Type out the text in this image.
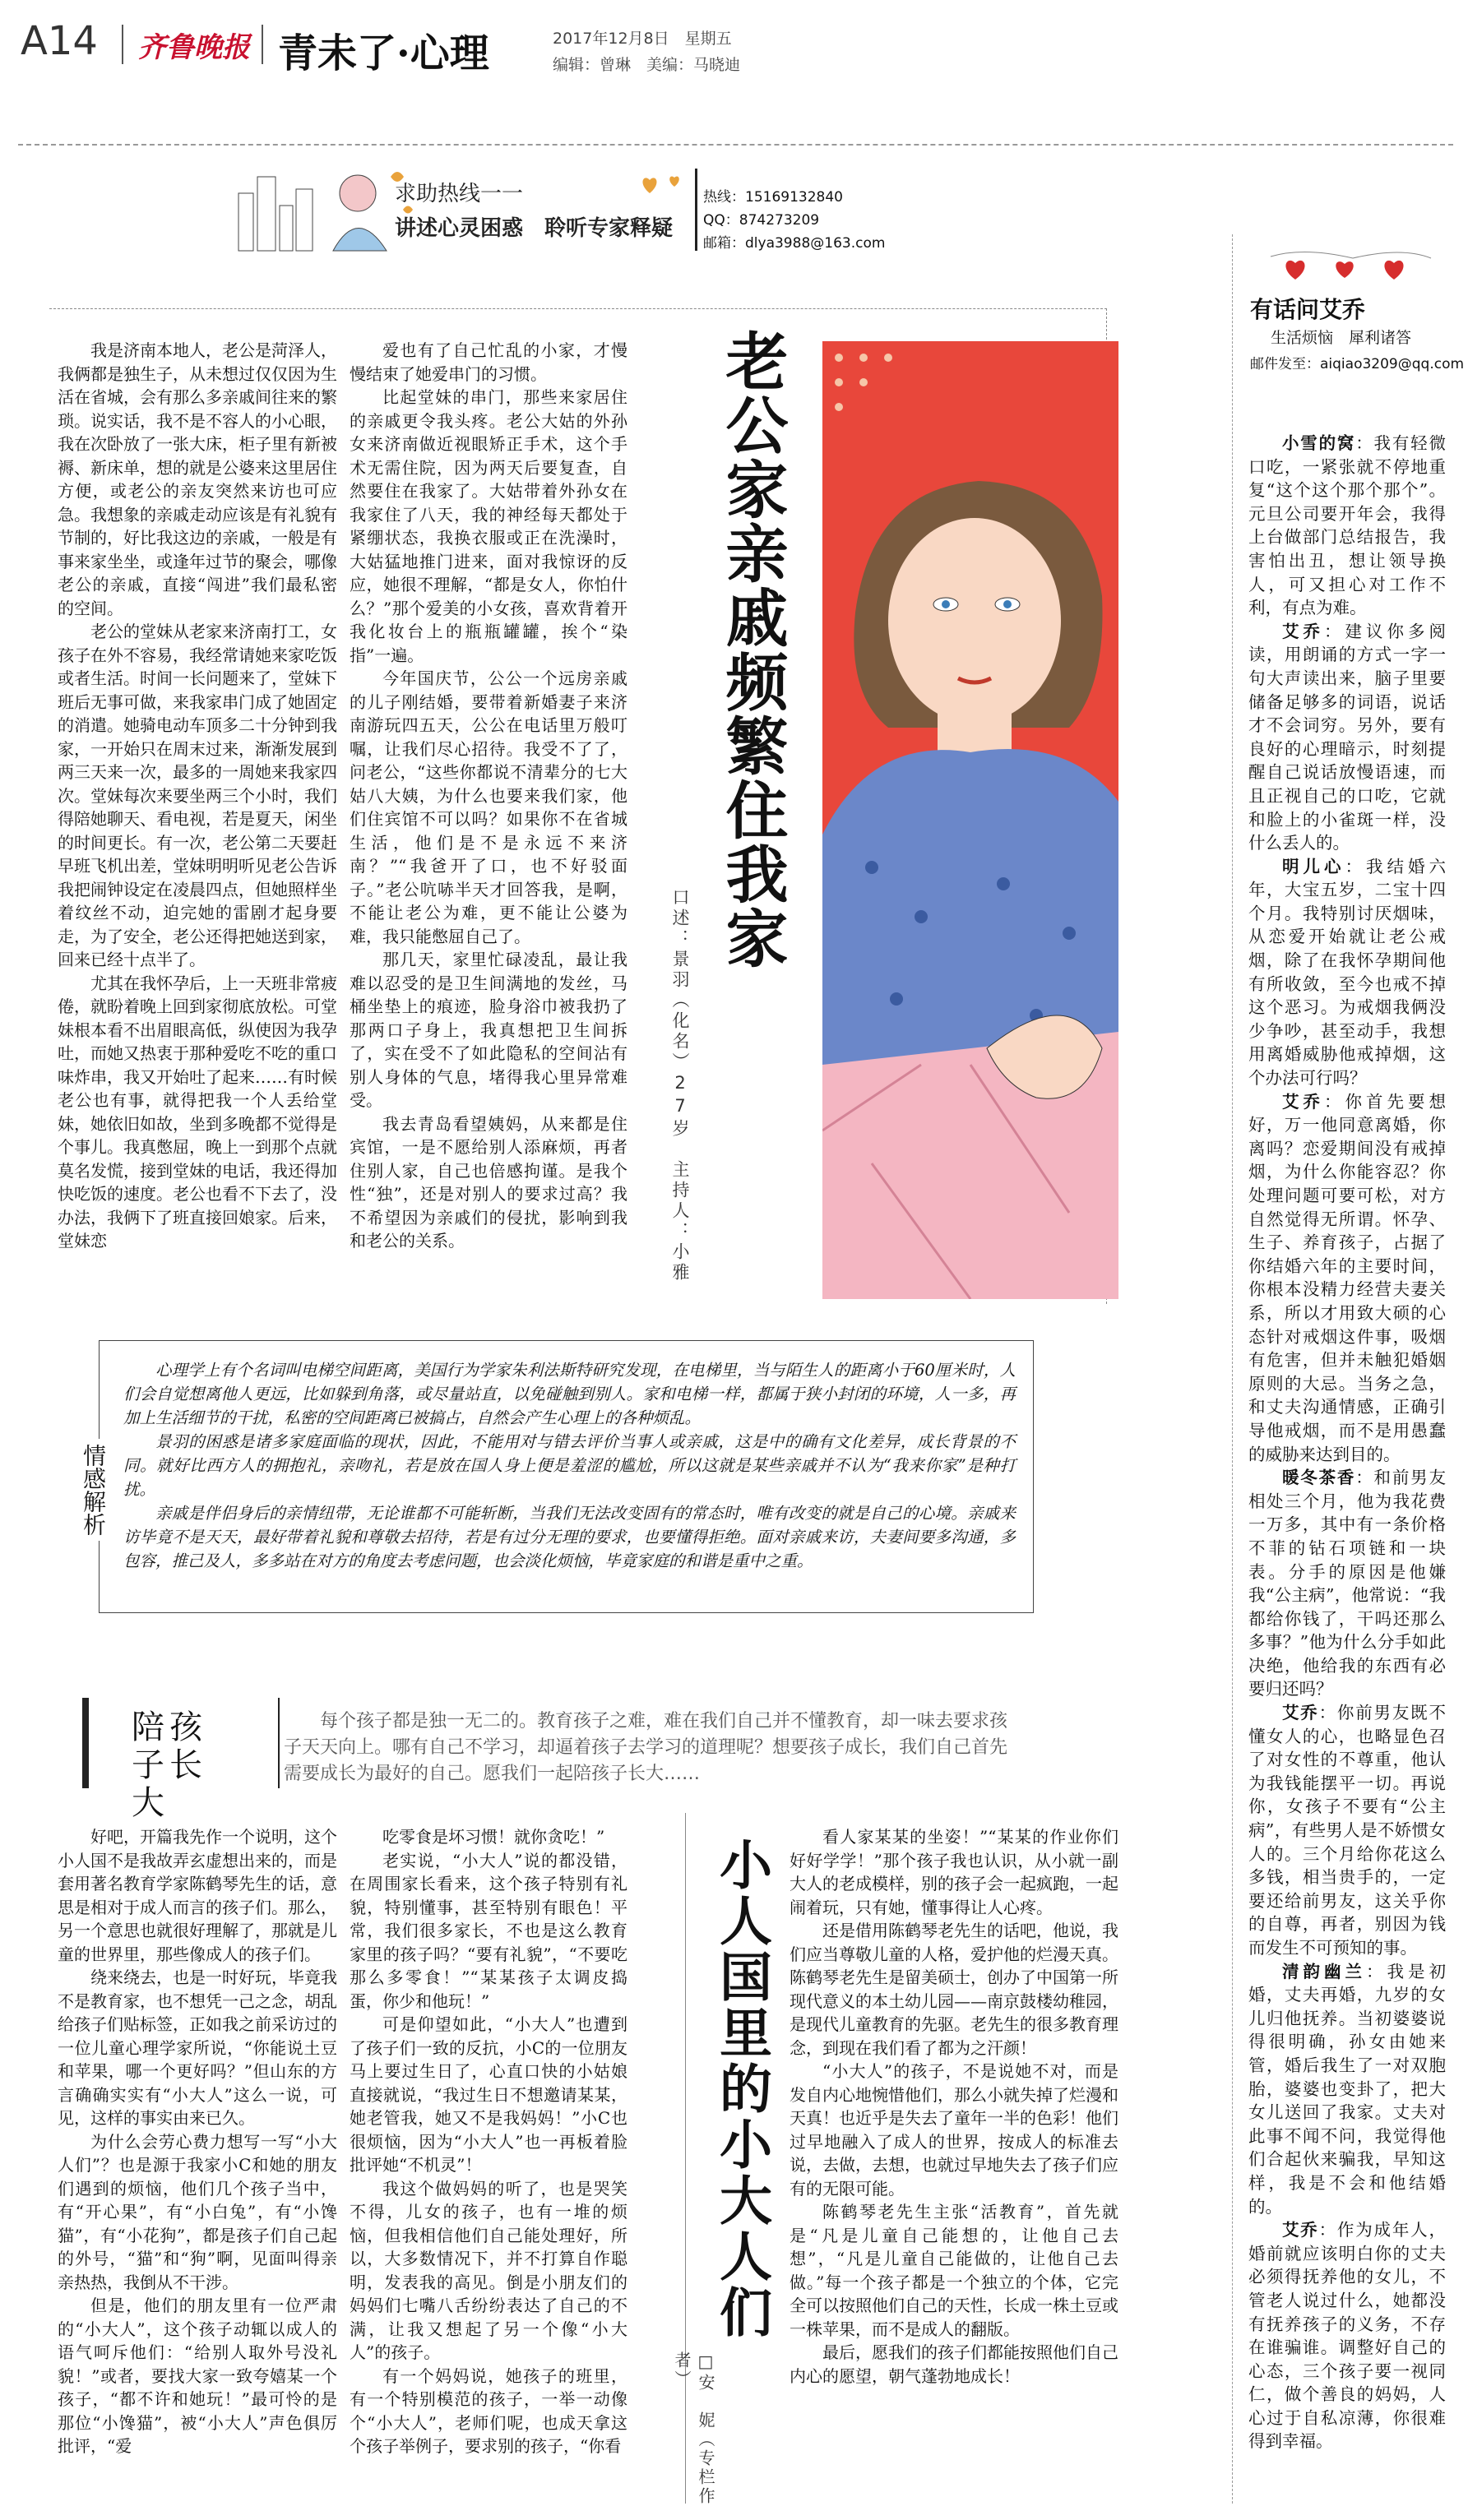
A14 齐鲁晚报 青未了·心理	2017年12月8日　 星期五
编辑：曾琳　美编：马晓迪
求助热线一一
讲述心灵困惑　聆听专家释疑
热线：15169132840
QQ：874273209
邮箱：dlya3988@163.com

我是济南本地人，老公是菏泽人，我俩都是独生子，从未想过仅仅因为生活在省城，会有那么多亲戚间往来的繁琐。说实话，我不是不容人的小心眼，我在次卧放了一张大床，柜子里有新被褥、新床单，想的就是公婆来这里居住方便，或老公的亲友突然来访也可应急。我想象的亲戚走动应该是有礼貌有节制的，好比我这边的亲戚，一般是有事来家坐坐，或逢年过节的聚会，哪像老公的亲戚，直接“闯进”我们最私密的空间。

老公的堂妹从老家来济南打工，女孩子在外不容易，我经常请她来家吃饭或者生活。时间一长问题来了，堂妹下班后无事可做，来我家串门成了她固定的消遣。她骑电动车顶多二十分钟到我家，一开始只在周末过来，渐渐发展到两三天来一次，最多的一周她来我家四次。堂妹每次来要坐两三个小时，我们得陪她聊天、看电视，若是夏天，闲坐的时间更长。有一次，老公第二天要赶早班飞机出差，堂妹明明听见老公告诉我把闹钟设定在凌晨四点，但她照样坐着纹丝不动，迫完她的雷剧才起身要走，为了安全，老公还得把她送到家，回来已经十点半了。

尤其在我怀孕后，上一天班非常疲倦，就盼着晚上回到家彻底放松。可堂妹根本看不出眉眼高低，纵使因为我孕吐，而她又热衷于那种爱吃不吃的重口味炸串，我又开始吐了起来……有时候老公也有事，就得把我一个人丢给堂妹，她依旧如故，坐到多晚都不觉得是个事儿。我真憋屈，晚上一到那个点就莫名发慌，接到堂妹的电话，我还得加快吃饭的速度。老公也看不下去了，没办法，我俩下了班直接回娘家。后来，堂妹恋

爱也有了自己忙乱的小家，才慢慢结束了她爱串门的习惯。

比起堂妹的串门，那些来家居住的亲戚更令我头疼。老公大姑的外孙女来济南做近视眼矫正手术，这个手术无需住院，因为两天后要复查，自然要住在我家了。大姑带着外孙女在我家住了八天，我的神经每天都处于紧绷状态，我换衣服或正在洗澡时，大姑猛地推门进来，面对我惊讶的反应，她很不理解，“都是女人，你怕什么？”那个爱美的小女孩，喜欢背着开我化妆台上的瓶瓶罐罐，挨个“染指”一遍。

今年国庆节，公公一个远房亲戚的儿子刚结婚，要带着新婚妻子来济南游玩四五天，公公在电话里万般叮嘱，让我们尽心招待。我受不了了，问老公，“这些你都说不清辈分的七大姑八大姨，为什么也要来我们家，他们住宾馆不可以吗？如果你不在省城生活，他们是不是永远不来济南？”“我爸开了口，也不好驳面子。”老公吭哧半天才回答我，是啊，不能让老公为难，更不能让公婆为难，我只能憋屈自己了。

那几天，家里忙碌凌乱，最让我难以忍受的是卫生间满地的发丝，马桶坐垫上的痕迹，脸身浴巾被我扔了那两口子身上，我真想把卫生间拆了，实在受不了如此隐私的空间沾有别人身体的气息，堵得我心里异常难受。

我去青岛看望姨妈，从来都是住宾馆，一是不愿给别人添麻烦，再者住别人家，自己也倍感拘谨。是我个性“独”，还是对别人的要求过高？我不希望因为亲戚们的侵扰，影响到我和老公的关系。

老公家亲戚频繁住我家
口述：景羽（化名）27岁　主持人：小雅
情感解析

心理学上有个名词叫电梯空间距离，美国行为学家朱利法斯特研究发现，在电梯里，当与陌生人的距离小于60厘米时，人们会自觉想离他人更远，比如躲到角落，或尽量站直，以免碰触到别人。家和电梯一样，都属于狭小封闭的环境，人一多，再加上生活细节的干扰，私密的空间距离已被搞占，自然会产生心理上的各种烦乱。

景羽的困惑是诸多家庭面临的现状，因此，不能用对与错去评价当事人或亲戚，这是中的确有文化差异，成长背景的不同。就好比西方人的拥抱礼，亲吻礼，若是放在国人身上便是羞涩的尴尬，所以这就是某些亲戚并不认为“我来你家”是种打扰。

亲戚是伴侣身后的亲情纽带，无论谁都不可能斩断，当我们无法改变固有的常态时，唯有改变的就是自己的心境。亲戚来访毕竟不是天天，最好带着礼貌和尊敬去招待，若是有过分无理的要求，也要懂得拒绝。面对亲戚来访，夫妻间要多沟通，多包容，推己及人，多多站在对方的角度去考虑问题，也会淡化烦恼，毕竟家庭的和谐是重中之重。

陪孩子长大
每个孩子都是独一无二的。教育孩子之难，难在我们自己并不懂教育，却一味去要求孩子天天向上。哪有自己不学习，却逼着孩子去学习的道理呢？想要孩子成长，我们自己首先需要成长为最好的自己。愿我们一起陪孩子长大……

好吧，开篇我先作一个说明，这个小人国不是我故弄玄虚想出来的，而是套用著名教育学家陈鹤琴先生的话，意思是相对于成人而言的孩子们。那么，另一个意思也就很好理解了，那就是儿童的世界里，那些像成人的孩子们。

绕来绕去，也是一时好玩，毕竟我不是教育家，也不想凭一己之念，胡乱给孩子们贴标签，正如我之前采访过的一位儿童心理学家所说，“你能说土豆和苹果，哪一个更好吗？”但山东的方言确确实实有“小大人”这么一说，可见，这样的事实由来已久。

为什么会劳心费力想写一写“小大人们”？也是源于我家小C和她的朋友们遇到的烦恼，他们几个孩子当中，有“开心果”，有“小白兔”，有“小馋猫”，有“小花狗”，都是孩子们自己起的外号，“猫”和“狗”啊，见面叫得亲亲热热，我倒从不干涉。

但是，他们的朋友里有一位严肃的“小大人”，这个孩子动辄以成人的语气呵斥他们：“给别人取外号没礼貌！”或者，要找大家一致夸嬉某一个孩子，“都不许和她玩！”最可怜的是那位“小馋猫”，被“小大人”声色俱厉批评，“爱

吃零食是坏习惯！就你贪吃！”

老实说，“小大人”说的都没错，在周围家长看来，这个孩子特别有礼貌，特别懂事，甚至特别有眼色！平常，我们很多家长，不也是这么教育家里的孩子吗？“要有礼貌”，“不要吃那么多零食！”“某某孩子太调皮捣蛋，你少和他玩！”

可是仰望如此，“小大人”也遭到了孩子们一致的反抗，小C的一位朋友马上要过生日了，心直口快的小姑娘直接就说，“我过生日不想邀请某某，她老管我，她又不是我妈妈！”小C也很烦恼，因为“小大人”也一再板着脸批评她“不机灵”！

我这个做妈妈的听了，也是哭笑不得，儿女的孩子，也有一堆的烦恼，但我相信他们自己能处理好，所以，大多数情况下，并不打算自作聪明，发表我的高见。倒是小朋友们的妈妈们七嘴八舌纷纷表达了自己的不满，让我又想起了另一个像“小大人”的孩子。

有一个妈妈说，她孩子的班里，有一个特别模范的孩子，一举一动像个“小大人”，老师们呢，也成天拿这个孩子举例子，要求别的孩子，“你看

小人国里的小大人们
□安　妮（专栏作者）

看人家某某的坐姿！”“某某的作业你们好好学学！”那个孩子我也认识，从小就一副大人的老成模样，别的孩子会一起疯跑，一起闹着玩，只有她，懂事得让人心疼。

还是借用陈鹤琴老先生的话吧，他说，我们应当尊敬儿童的人格，爱护他的烂漫天真。陈鹤琴老先生是留美硕士，创办了中国第一所现代意义的本土幼儿园——南京鼓楼幼稚园，是现代儿童教育的先驱。老先生的很多教育理念，到现在我们看了都为之汗颜！

“小大人”的孩子，不是说她不对，而是发自内心地惋惜他们，那么小就失掉了烂漫和天真！也近乎是失去了童年一半的色彩！他们过早地融入了成人的世界，按成人的标准去说，去做，去想，也就过早地失去了孩子们应有的无限可能。

陈鹤琴老先生主张“活教育”，首先就是“凡是儿童自己能想的，让他自己去想”，“凡是儿童自己能做的，让他自己去做。”每一个孩子都是一个独立的个体，它完全可以按照他们自己的天性，长成一株土豆或一株苹果，而不是成人的翻版。

最后，愿我们的孩子们都能按照他们自己内心的愿望，朝气蓬勃地成长！

有话问艾乔
生活烦恼　 犀利诸答
邮件发至：aiqiao3209@qq.com

小雪的窝：我有轻微口吃，一紧张就不停地重复“这个这个那个那个”。元旦公司要开年会，我得上台做部门总结报告，我害怕出丑，想让领导换人，可又担心对工作不利，有点为难。

艾乔：建议你多阅读，用朗诵的方式一字一句大声读出来，脑子里要储备足够多的词语，说话才不会词穷。另外，要有良好的心理暗示，时刻提醒自己说话放慢语速，而且正视自己的口吃，它就和脸上的小雀斑一样，没什么丢人的。

明儿心：我结婚六年，大宝五岁，二宝十四个月。我特别讨厌烟味，从恋爱开始就让老公戒烟，除了在我怀孕期间他有所收敛，至今也戒不掉这个恶习。为戒烟我俩没少争吵，甚至动手，我想用离婚威胁他戒掉烟，这个办法可行吗？

艾乔：你首先要想好，万一他同意离婚，你离吗？恋爱期间没有戒掉烟，为什么你能容忍？你处理问题可要可松，对方自然觉得无所谓。怀孕、生子、养育孩子，占据了你结婚六年的主要时间，你根本没精力经营夫妻关系，所以才用致大硕的心态针对戒烟这件事，吸烟有危害，但并未触犯婚姻原则的大忌。当务之急，和丈夫沟通情感，正确引导他戒烟，而不是用愚蠢的威胁来达到目的。

暖冬茶香：和前男友相处三个月，他为我花费一万多，其中有一条价格不菲的钻石项链和一块表。分手的原因是他嫌我“公主病”，他常说：“我都给你钱了，干吗还那么多事？”他为什么分手如此决绝，他给我的东西有必要归还吗？

艾乔：你前男友既不懂女人的心，也略显色召了对女性的不尊重，他认为我钱能摆平一切。再说你，女孩子不要有“公主病”，有些男人是不娇惯女人的。三个月给你花这么多钱，相当贵手的，一定要还给前男友，这关乎你的自尊，再者，别因为钱而发生不可预知的事。

清韵幽兰：我是初婚，丈夫再婚，九岁的女儿归他抚养。当初婆婆说得很明确，孙女由她来管，婚后我生了一对双胞胎，婆婆也变卦了，把大女儿送回了我家。丈夫对此事不闻不问，我觉得他们合起伙来骗我，早知这样，我是不会和他结婚的。

艾乔：作为成年人，婚前就应该明白你的丈夫必须得抚养他的女儿，不管老人说过什么，她都没有抚养孩子的义务，不存在谁骗谁。调整好自己的心态，三个孩子要一视同仁，做个善良的妈妈，人心过于自私凉薄，你很难得到幸福。
